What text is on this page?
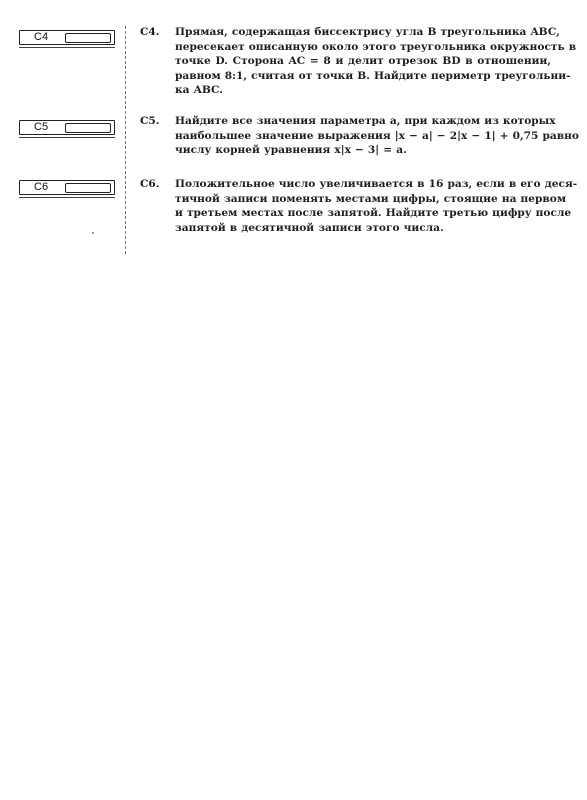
C4
C5
C6
C4. Прямая, содержащая биссектрису угла B треугольника ABC,
пересекает описанную около этого треугольника окружность в
точке D. Сторона AC = 8 и делит отрезок BD в отношении,
равном 8:1, считая от точки B. Найдите периметр треугольни-
ка ABC.
C5. Найдите все значения параметра a, при каждом из которых
наибольшее значение выражения |x − a| − 2|x − 1| + 0,75 равно
числу корней уравнения x|x − 3| = a.
C6. Положительное число увеличивается в 16 раз, если в его деся-
тичной записи поменять местами цифры, стоящие на первом
и третьем местах после запятой. Найдите третью цифру после
запятой в десятичной записи этого числа.
